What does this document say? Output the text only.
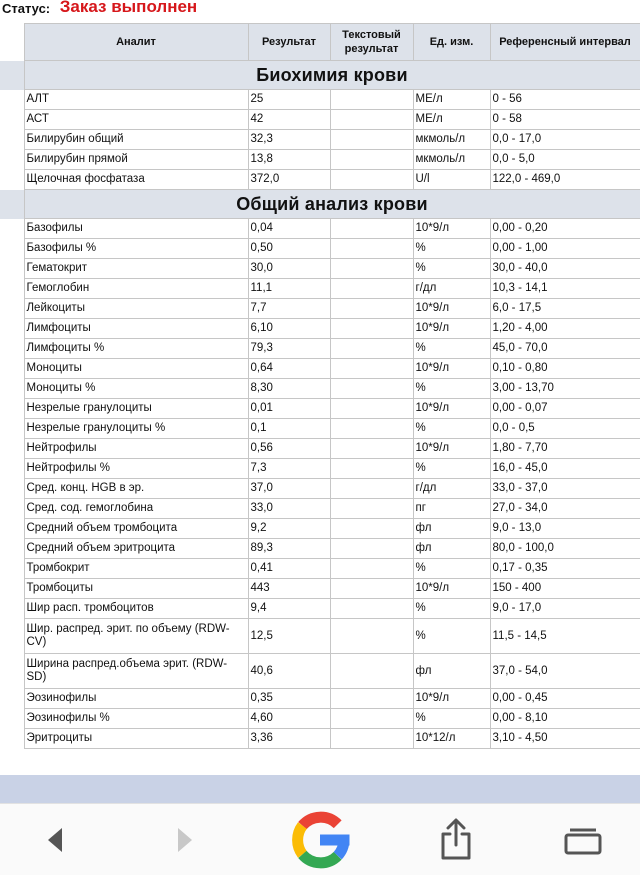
Статус: Заказ выполнен
	Аналит	Результат	Текстовый результат	Ед. изм.	Референсный интервал
	Биохимия крови				
	АЛТ	25		МЕ/л	0 - 56
	АСТ	42		МЕ/л	0 - 58
	Билирубин общий	32,3		мкмоль/л	0,0 - 17,0
	Билирубин прямой	13,8		мкмоль/л	0,0 - 5,0
	Щелочная фосфатаза	372,0		U/l	122,0 - 469,0
	Общий анализ крови				
	Базофилы	0,04		10*9/л	0,00 - 0,20
	Базофилы %	0,50		%	0,00 - 1,00
	Гематокрит	30,0		%	30,0 - 40,0
	Гемоглобин	11,1		г/дл	10,3 - 14,1
	Лейкоциты	7,7		10*9/л	6,0 - 17,5
	Лимфоциты	6,10		10*9/л	1,20 - 4,00
	Лимфоциты %	79,3		%	45,0 - 70,0
	Моноциты	0,64		10*9/л	0,10 - 0,80
	Моноциты %	8,30		%	3,00 - 13,70
	Незрелые гранулоциты	0,01		10*9/л	0,00 - 0,07
	Незрелые гранулоциты %	0,1		%	0,0 - 0,5
	Нейтрофилы	0,56		10*9/л	1,80 - 7,70
	Нейтрофилы %	7,3		%	16,0 - 45,0
	Сред. конц. HGB в эр.	37,0		г/дл	33,0 - 37,0
	Сред. сод. гемоглобина	33,0		пг	27,0 - 34,0
	Средний объем тромбоцита	9,2		фл	9,0 - 13,0
	Средний объем эритроцита	89,3		фл	80,0 - 100,0
	Тромбокрит	0,41		%	0,17 - 0,35
	Тромбоциты	443		10*9/л	150 - 400
	Шир расп. тромбоцитов	9,4		%	9,0 - 17,0
	Шир. распред. эрит. по объему (RDW-CV)	12,5		%	11,5 - 14,5
	Ширина распред.объема эрит. (RDW-SD)	40,6		фл	37,0 - 54,0
	Эозинофилы	0,35		10*9/л	0,00 - 0,45
	Эозинофилы %	4,60		%	0,00 - 8,10
	Эритроциты	3,36		10*12/л	3,10 - 4,50
